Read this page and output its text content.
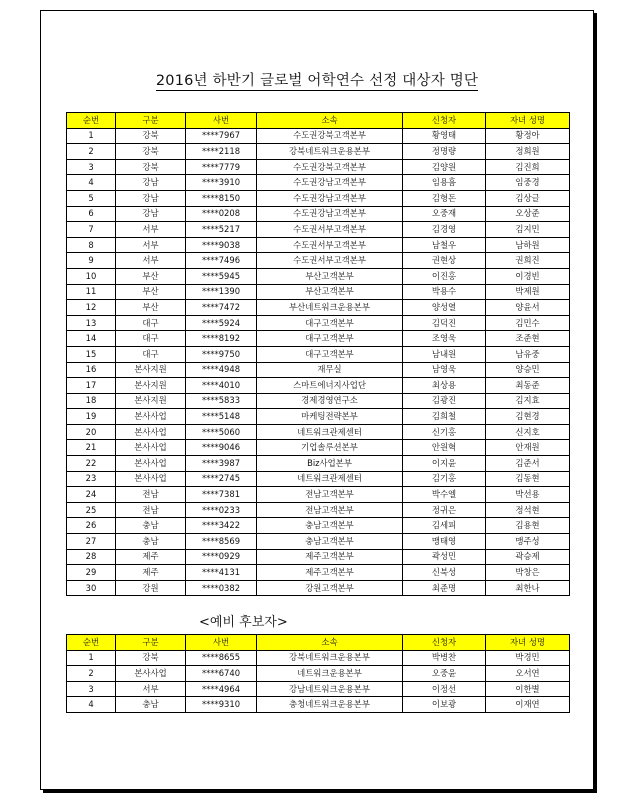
2016년 하반기 글로벌 어학연수 선정 대상자 명단
순번	구분	사번	소속	신청자	자녀 성명
1	강북	****7967	수도권강북고객본부	황영태	황정아
2	강북	****2118	강북네트워크운용본부	정명량	정희원
3	강북	****7779	수도권강북고객본부	김양원	김진희
4	강남	****3910	수도권강남고객본부	임용흠	임중경
5	강남	****8150	수도권강남고객본부	김형돈	김상글
6	강남	****0208	수도권강남고객본부	오중재	오상준
7	서부	****5217	수도권서부고객본부	김경영	김지민
8	서부	****9038	수도권서부고객본부	남철우	남하원
9	서부	****7496	수도권서부고객본부	권현상	권희진
10	부산	****5945	부산고객본부	이진홍	이경빈
11	부산	****1390	부산고객본부	박용수	박제원
12	부산	****7472	부산네트워크운용본부	양성열	양윤서
13	대구	****5924	대구고객본부	김덕진	김민수
14	대구	****8192	대구고객본부	조영욱	조준현
15	대구	****9750	대구고객본부	남내원	남유중
16	본사지원	****4948	재무실	남영욱	양승민
17	본사지원	****4010	스마트에너지사업단	최상용	최동준
18	본사지원	****5833	경제경영연구소	김광진	김지효
19	본사사업	****5148	마케팅전략본부	김희철	김현경
20	본사사업	****5060	네트워크관제센터	신기홍	신지호
21	본사사업	****9046	기업솔루션본부	안원혁	안재원
22	본사사업	****3987	Biz사업본부	이지윤	김준서
23	본사사업	****2745	네트워크관제센터	김기홍	김동현
24	전남	****7381	전남고객본부	박수엘	박선용
25	전남	****0233	전남고객본부	정귀은	정석현
26	충남	****3422	충남고객본부	김세피	김용현
27	충남	****8569	충남고객본부	맹태영	맹주성
28	제주	****0929	제주고객본부	곽성민	곽승제
29	제주	****4131	제주고객본부	신북성	박창은
30	강원	****0382	강원고객본부	최준명	최한나
<예비 후보자>
순번	구분	사번	소속	신청자	자녀 성명
1	강북	****8655	강북네트워크운용본부	박병찬	박경민
2	본사사업	****6740	네트워크운용본부	오중윤	오서연
3	서부	****4964	강남네트워크운용본부	이정선	이한별
4	충남	****9310	충청네트워크운용본부	이보광	이재연
